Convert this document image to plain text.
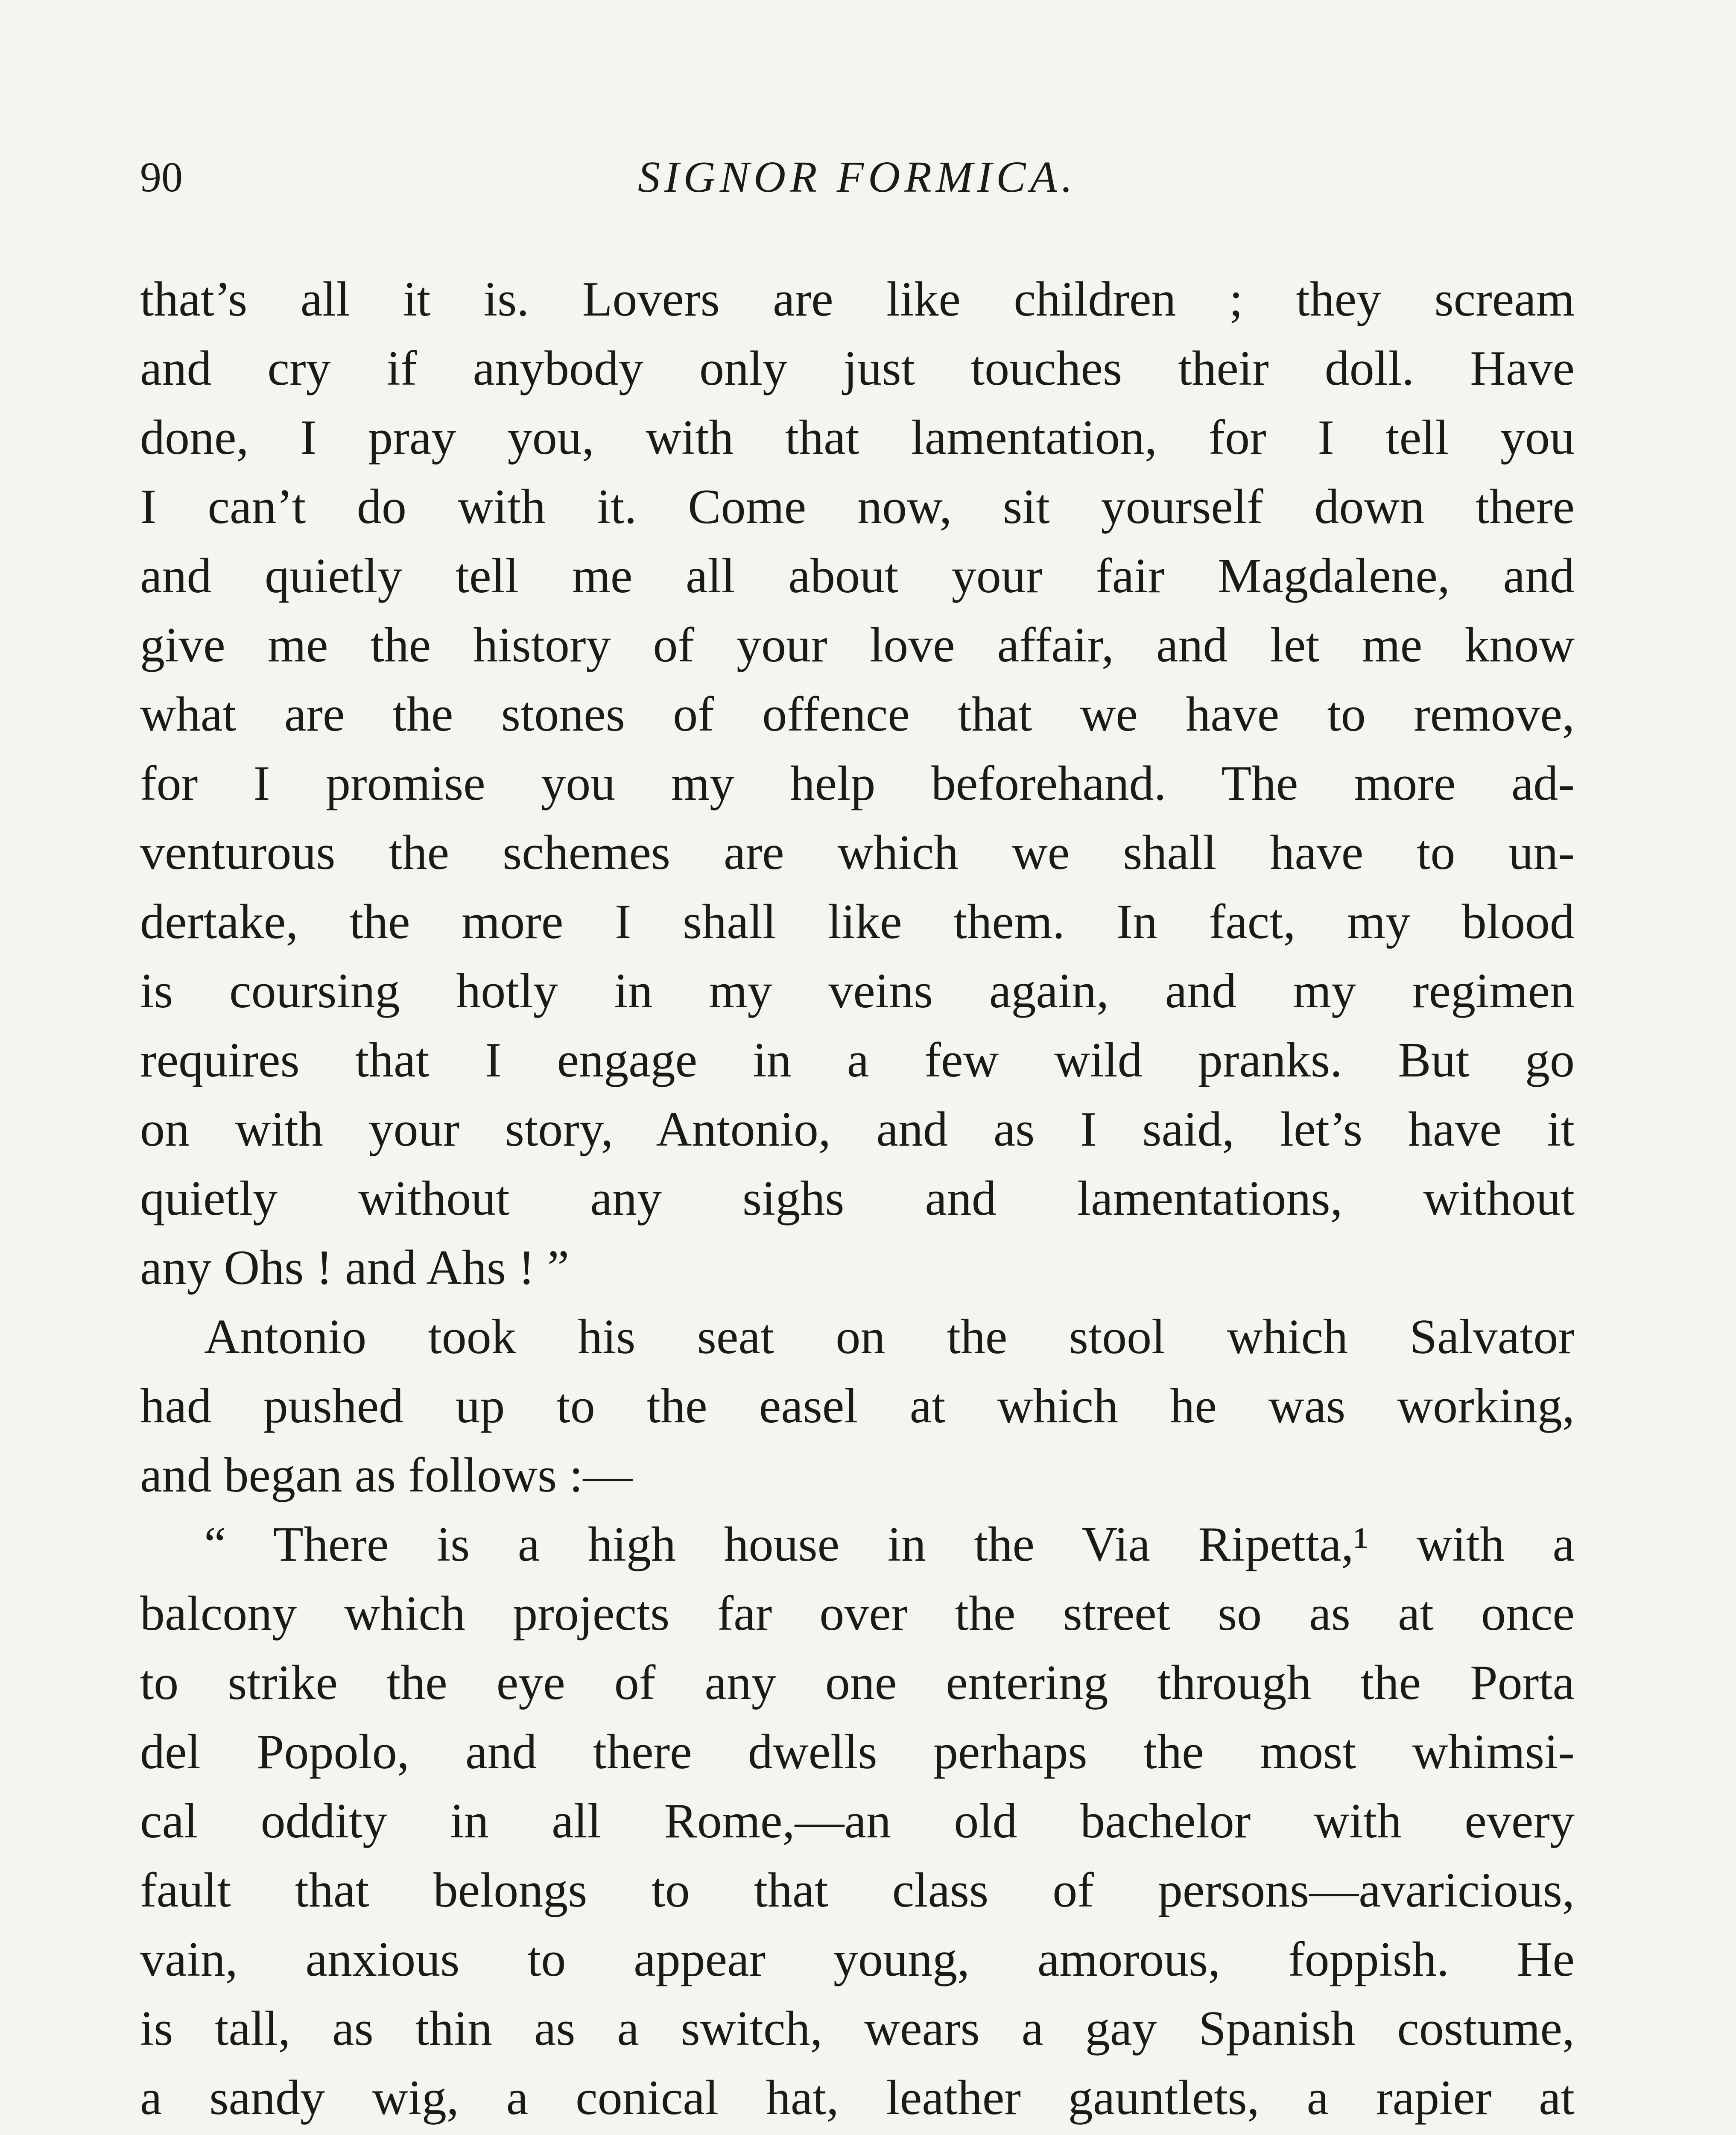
90	SIGNOR FORMICA.
that’s all it is. Lovers are like children ; they scream
and cry if anybody only just touches their doll. Have
done, I pray you, with that lamentation, for I tell you
I can’t do with it. Come now, sit yourself down there
and quietly tell me all about your fair Magdalene, and
give me the history of your love affair, and let me know
what are the stones of offence that we have to remove,
for I promise you my help beforehand. The more ad-
venturous the schemes are which we shall have to un-
dertake, the more I shall like them. In fact, my blood
is coursing hotly in my veins again, and my regimen
requires that I engage in a few wild pranks. But go
on with your story, Antonio, and as I said, let’s have it
quietly without any sighs and lamentations, without
any Ohs ! and Ahs ! ”
Antonio took his seat on the stool which Salvator
had pushed up to the easel at which he was working,
and began as follows :—
“ There is a high house in the Via Ripetta,¹ with a
balcony which projects far over the street so as at once
to strike the eye of any one entering through the Porta
del Popolo, and there dwells perhaps the most whimsi-
cal oddity in all Rome,—an old bachelor with every
fault that belongs to that class of persons—avaricious,
vain, anxious to appear young, amorous, foppish. He
is tall, as thin as a switch, wears a gay Spanish costume,
a sandy wig, a conical hat, leather gauntlets, a rapier at
